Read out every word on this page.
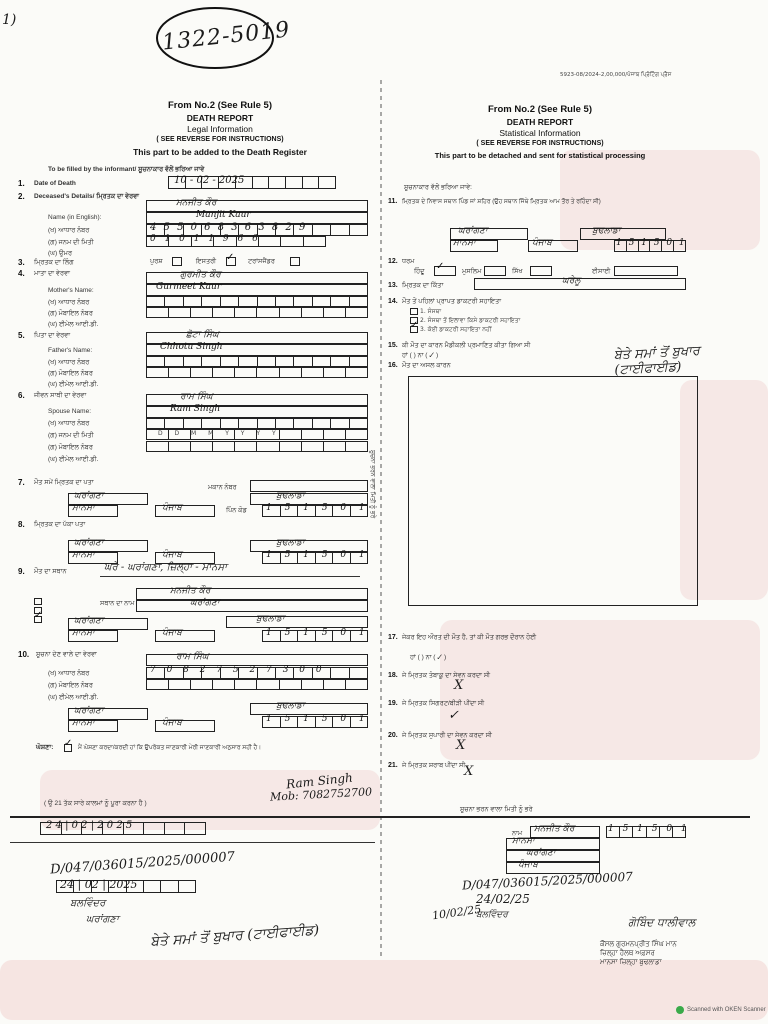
1)	1322-5019
5923-08/2024-2,00,000/ਪੰਜਾਬ ਪ੍ਰਿੰਟਿੰਗ ਪ੍ਰੈਸ
From No.2 (See Rule 5)
DEATH REPORT
Legal Information
( SEE REVERSE FOR INSTRUCTIONS)
This part to be added to the Death Register
To be filled by the informant/ ਸੂਚਨਾਕਾਰ ਵੱਲੋਂ ਭਰਿਆ ਜਾਵੇ
1. Date of Death	10 - 02 - 2025
2. Deceased's Details/ ਮ੍ਰਿਤਕ ਦਾ ਵੇਰਵਾ
ਮਨਜੀਤ ਕੌਰ
Name (in English):	Manjit Kaur
(ਖ) ਆਧਾਰ ਨੰਬਰ	4 5 5 0 6 8 3 6 3 8 2 9
(ਗ) ਜਨਮ ਦੀ ਮਿਤੀ	0 1 0 1 1 9 6 6
(ਘ) ਉਮਰ
3. ਮ੍ਰਿਤਕ ਦਾ ਲਿੰਗ	ਪੁਰਸ਼	ਇਸਤਰੀ ✓ ਟਰਾਂਸਜੈਂਡਰ
4. ਮਾਤਾ ਦਾ ਵੇਰਵਾ	ਗੁਰਮੀਤ ਕੌਰ
Mother's Name:	Gurmeet Kaur
(ਖ) ਆਧਾਰ ਨੰਬਰ
(ਗ) ਮੋਬਾਇਲ ਨੰਬਰ
(ਘ) ਈਮੇਲ ਆਈ.ਡੀ.
5. ਪਿਤਾ ਦਾ ਵੇਰਵਾ	ਛੋਟਾ ਸਿੰਘ
Father's Name:	Chhotu Singh
(ਖ) ਆਧਾਰ ਨੰਬਰ
(ਗ) ਮੋਬਾਇਲ ਨੰਬਰ
(ਘ) ਈਮੇਲ ਆਈ.ਡੀ.
6. ਜੀਵਨ ਸਾਥੀ ਦਾ ਵੇਰਵਾ	ਰਾਮ ਸਿੰਘ
Spouse Name:	Ram Singh
(ਖ) ਆਧਾਰ ਨੰਬਰ
(ਗ) ਜਨਮ ਦੀ ਮਿਤੀ	D D M M Y Y Y Y
(ਗ) ਮੋਬਾਇਲ ਨੰਬਰ
(ਘ) ਈਮੇਲ ਆਈ.ਡੀ.
7. ਮੌਤ ਸਮੇਂ ਮ੍ਰਿਤਕ ਦਾ ਪਤਾ
ਮਕਾਨ ਨੰਬਰ
ਘਰਾਂਗਣਾ	ਬੁਢਲਾਡਾ
ਮਾਨਸਾ	ਪੰਜਾਬ	ਪਿੰਨ ਕੋਡ 1 5 1 5 0 1
8. ਮ੍ਰਿਤਕ ਦਾ ਪੱਕਾ ਪਤਾ
ਘਰਾਂਗਣਾ	ਬੁਢਲਾਡਾ
ਮਾਨਸਾ	ਪੰਜਾਬ	1 5 1 5 0 1
9. ਮੌਤ ਦਾ ਸਥਾਨ	ਘਰੇ - ਘਰਾਂਗਣਾ, ਜ਼ਿਲ੍ਹਾ - ਮਾਨਸਾ
ਸਥਾਨ ਦਾ ਨਾਮ
ਮਨਜੀਤ ਕੌਰ
✓
ਘਰਾਂਗਣਾ
ਘਰਾਂਗਣਾ	ਬੁਢਲਾਡਾ
ਮਾਨਸਾ	ਪੰਜਾਬ	1 5 1 5 0 1
10. ਸੂਚਨਾ ਦੇਣ ਵਾਲੇ ਦਾ ਵੇਰਵਾ	ਰਾਮ ਸਿੰਘ
(ਖ) ਆਧਾਰ ਨੰਬਰ	7 0 8 2 7 5 2 7 3 0 0
(ਗ) ਮੋਬਾਇਲ ਨੰਬਰ
(ਘ) ਈਮੇਲ ਆਈ.ਡੀ.
ਬੁਢਲਾਡਾ
ਘਰਾਂਗਣਾ
ਮਾਨਸਾ	ਪੰਜਾਬ	1 5 1 5 0 1
ਘੋਸ਼ਣਾ: ✓ ਮੈਂ ਘੋਸ਼ਣਾ ਕਰਦਾ/ਕਰਦੀ ਹਾਂ ਕਿ ਉਪਰੋਕਤ ਜਾਣਕਾਰੀ ਮੇਰੀ ਜਾਣਕਾਰੀ ਅਨੁਸਾਰ ਸਹੀ ਹੈ।
Ram Singh
Mob: 7082752700
( ਉ 21 ਤੱਕ ਸਾਰੇ ਕਾਲਮਾਂ ਨੂੰ ਪੂਰਾ ਕਰਨਾ ਹੈ )
2 4 | 0 2 | 2 0 2 5
D/047/036015/2025/000007
24 | 02 | 2025
ਬਲਵਿੰਦਰ
ਘਰਾਂਗਣਾ
ਬੇਤੇ ਸਮਾਂ ਤੋਂ ਬੁਖਾਰ (ਟਾਈਫਾਈਡ)
From No.2 (See Rule 5)
DEATH REPORT
Statistical Information
( SEE REVERSE FOR INSTRUCTIONS)
This part to be detached and sent for statistical processing
ਸੂਚਨਾਕਾਰ ਵੱਲੋਂ ਭਰਿਆ ਜਾਵੇ:
11. ਮ੍ਰਿਤਕ ਦੇ ਨਿਵਾਸ ਸਥਾਨ ਪਿੰਡ ਜਾਂ ਸ਼ਹਿਰ (ਉਹ ਸਥਾਨ ਜਿੱਥੇ ਮ੍ਰਿਤਕ ਆਮ ਤੌਰ ਤੇ ਰਹਿੰਦਾ ਸੀ)
ਘਰਾਂਗਣਾ	ਬੁਢਲਾਡਾ
ਮਾਨਸਾ	ਪੰਜਾਬ	1 5 1 5 0 1
12. ਧਰਮ
ਹਿੰਦੂ	ਮੁਸਲਿਮ	ਸਿੱਖ
✓	ਈਸਾਈ
13. ਮ੍ਰਿਤਕ ਦਾ ਕਿੱਤਾ	ਘਰੇਲੂ
14. ਮੌਤ ਤੋਂ ਪਹਿਲਾਂ ਪ੍ਰਾਪਤ ਡਾਕਟਰੀ ਸਹਾਇਤਾ
1. ਸੰਸਥਾ
2. ਸੰਸਥਾ ਤੋਂ ਇਲਾਵਾ ਕਿਸੇ ਡਾਕਟਰੀ ਸਹਾਇਤਾ
✓ 3. ਕੋਈ ਡਾਕਟਰੀ ਸਹਾਇਤਾ ਨਹੀਂ
15. ਕੀ ਮੌਤ ਦਾ ਕਾਰਨ ਮੈਡੀਕਲੀ ਪ੍ਰਮਾਣਿਤ ਕੀਤਾ ਗਿਆ ਸੀ
ਹਾਂ ( ) ਨਾ ( ✓ )
16. ਮੌਤ ਦਾ ਅਸਲ ਕਾਰਨ
ਬੇਤੇ ਸਮਾਂ ਤੋਂ ਬੁਖਾਰ (ਟਾਈਫਾਈਡ)
ਸੂਚਨਾ ਭਰਨ ਵਾਲਾ ਮਿਤੀ ਨੂੰ ਭਰੇ
17. ਜੇਕਰ ਇਹ ਔਰਤ ਦੀ ਮੌਤ ਹੈ, ਤਾਂ ਕੀ ਮੌਤ ਗਰਭ ਦੌਰਾਨ ਹੋਈ
ਹਾਂ ( ) ਨਾ ( ✓ )
18. ਜੇ ਮ੍ਰਿਤਕ ਤੰਬਾਕੂ ਦਾ ਸੇਵਨ ਕਰਦਾ ਸੀ
X
19. ਜੇ ਮ੍ਰਿਤਕ ਸਿਗਰਟ/ਬੀੜੀ ਪੀਂਦਾ ਸੀ
✓
20. ਜੇ ਮ੍ਰਿਤਕ ਸੁਪਾਰੀ ਦਾ ਸੇਵਨ ਕਰਦਾ ਸੀ
X
21. ਜੇ ਮ੍ਰਿਤਕ ਸ਼ਰਾਬ ਪੀਂਦਾ ਸੀ
X
ਸੂਚਨਾ ਭਰਨ ਵਾਲਾ ਮਿਤੀ ਨੂੰ ਭਰੇ
ਨਾਮ ਮਨਜੀਤ ਕੌਰ	1 5 1 5 0 1
ਮਾਨਸਾ
ਘਰਾਂਗਣਾ
ਪੰਜਾਬ
D/047/036015/2025/000007
24/02/25
10/02/25
ਬਲਵਿੰਦਰ
ਗੋਬਿੰਦ ਧਾਲੀਵਾਲ
ਕੌਂਸਲ ਗੁਰਮਨਪ੍ਰੀਤ ਸਿੰਘ ਮਾਨ
ਜ਼ਿਲ੍ਹਾ ਹੈਲਥ ਅਫ਼ਸਰ
ਮਾਨਸਾ ਜ਼ਿਲ੍ਹਾ ਬੁਢਲਾਡਾ
Scanned with OKEN Scanner
